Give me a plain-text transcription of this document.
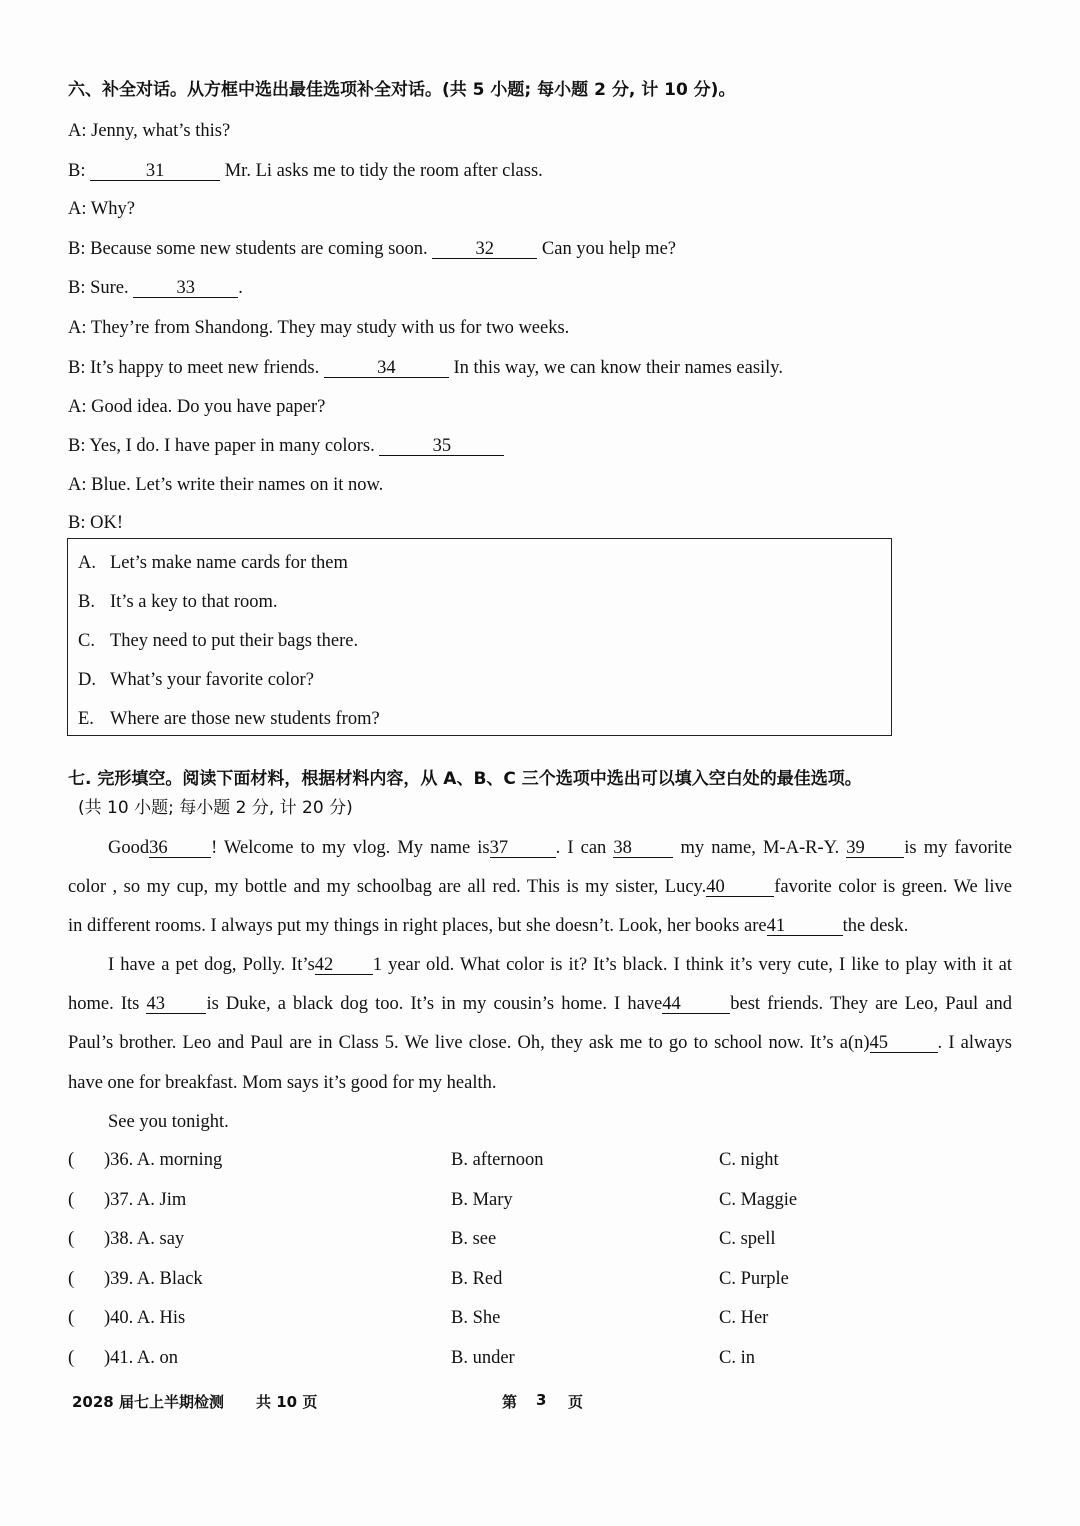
六、补全对话。从方框中选出最佳选项补全对话。(共 5 小题; 每小题 2 分, 计 10 分)。
A: Jenny, what’s this?
B:	31	Mr. Li asks me to tidy the room after class.
A: Why?
B: Because some new students are coming soon. 32 Can you help me?
B: Sure. 33 .
A: They’re from Shandong. They may study with us for two weeks.
B: It’s happy to meet new friends.	34	In this way, we can know their names easily.
A: Good idea. Do you have paper?
B: Yes, I do. I have paper in many colors.	35
A: Blue. Let’s write their names on it now.
B: OK!
A. Let’s make name cards for them
B. It’s a key to that room.
C. They need to put their bags there.
D. What’s your favorite color?
E. Where are those new students from?
七. 完形填空。阅读下面材料，根据材料内容，从 A、B、C 三个选项中选出可以填入空白处的最佳选项。
(共 10 小题; 每小题 2 分, 计 20 分)
Good36 ! Welcome to my vlog. My name is37	. I can 38 my name, M-A-R-Y. 39 is my favorite
color , so my cup, my bottle and my schoolbag are all red. This is my sister, Lucy.40	favorite color is green. We live
in different rooms. I always put my things in right places, but she doesn’t. Look, her books are41	the desk.
I have a pet dog, Polly. It’s42 1 year old. What color is it? It’s black. I think it’s very cute, I like to play with it at
home. Its 43 is Duke, a black dog too. It’s in my cousin’s home. I have44	best friends. They are Leo, Paul and
Paul’s brother. Leo and Paul are in Class 5. We live close. Oh, they ask me to go to school now. It’s a(n)45	. I always
have one for breakfast. Mom says it’s good for my health.
See you tonight.
( )36. A. morning	B. afternoon	C. night
( )37. A. Jim	B. Mary	C. Maggie
( )38. A. say	B. see	C. spell
( )39. A. Black	B. Red	C. Purple
( )40. A. His	B. She	C. Her
( )41. A. on	B. under	C. in
2028 届七上半期检测 共 10 页	第 3 页
